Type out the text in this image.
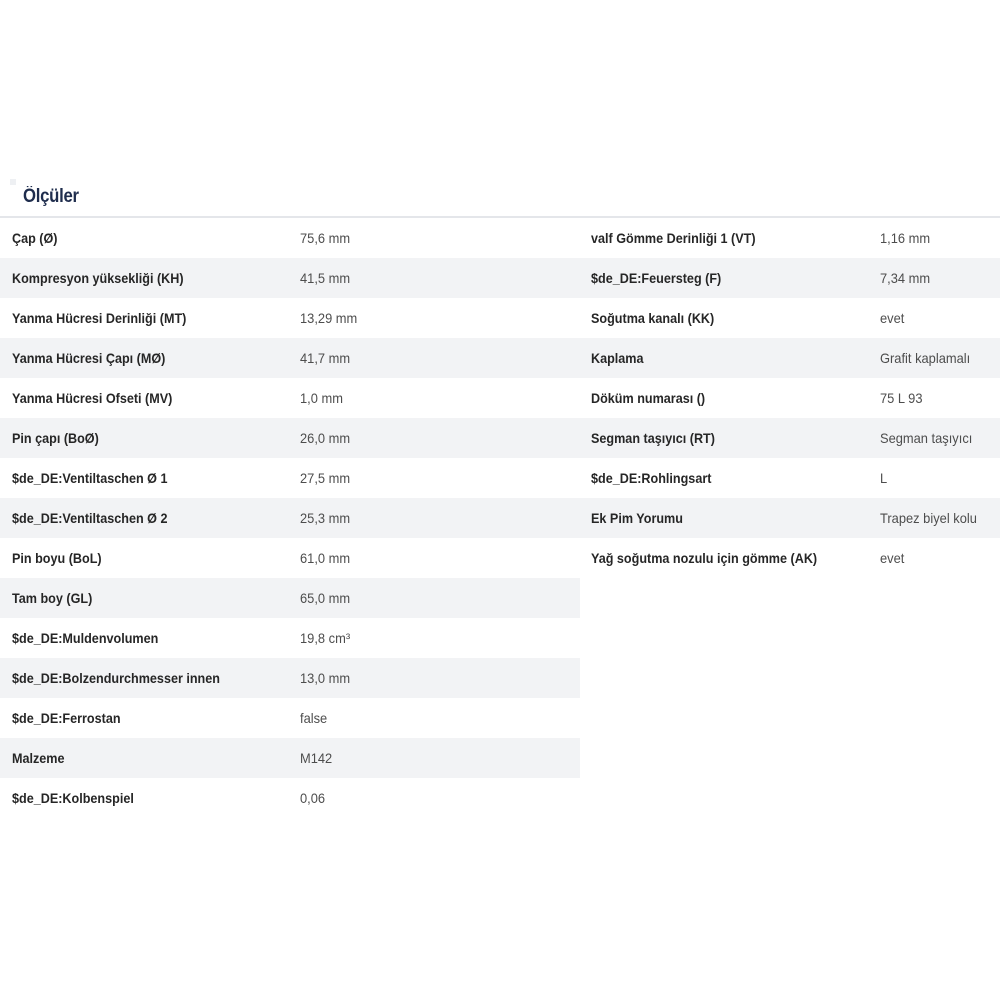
Ölçüler
Çap (Ø)	75,6 mm
Kompresyon yüksekliği (KH)	41,5 mm
Yanma Hücresi Derinliği (MT)	13,29 mm
Yanma Hücresi Çapı (MØ)	41,7 mm
Yanma Hücresi Ofseti (MV)	1,0 mm
Pin çapı (BoØ)	26,0 mm
$de_DE:Ventiltaschen Ø 1	27,5 mm
$de_DE:Ventiltaschen Ø 2	25,3 mm
Pin boyu (BoL)	61,0 mm
Tam boy (GL)	65,0 mm
$de_DE:Muldenvolumen	19,8 cm³
$de_DE:Bolzendurchmesser innen	13,0 mm
$de_DE:Ferrostan	false
Malzeme	M142
$de_DE:Kolbenspiel	0,06
valf Gömme Derinliği 1 (VT)	1,16 mm
$de_DE:Feuersteg (F)	7,34 mm
Soğutma kanalı (KK)	evet
Kaplama	Grafit kaplamalı
Döküm numarası ()	75 L 93
Segman taşıyıcı (RT)	Segman taşıyıcı
$de_DE:Rohlingsart	L
Ek Pim Yorumu	Trapez biyel kolu
Yağ soğutma nozulu için gömme (AK)	evet
